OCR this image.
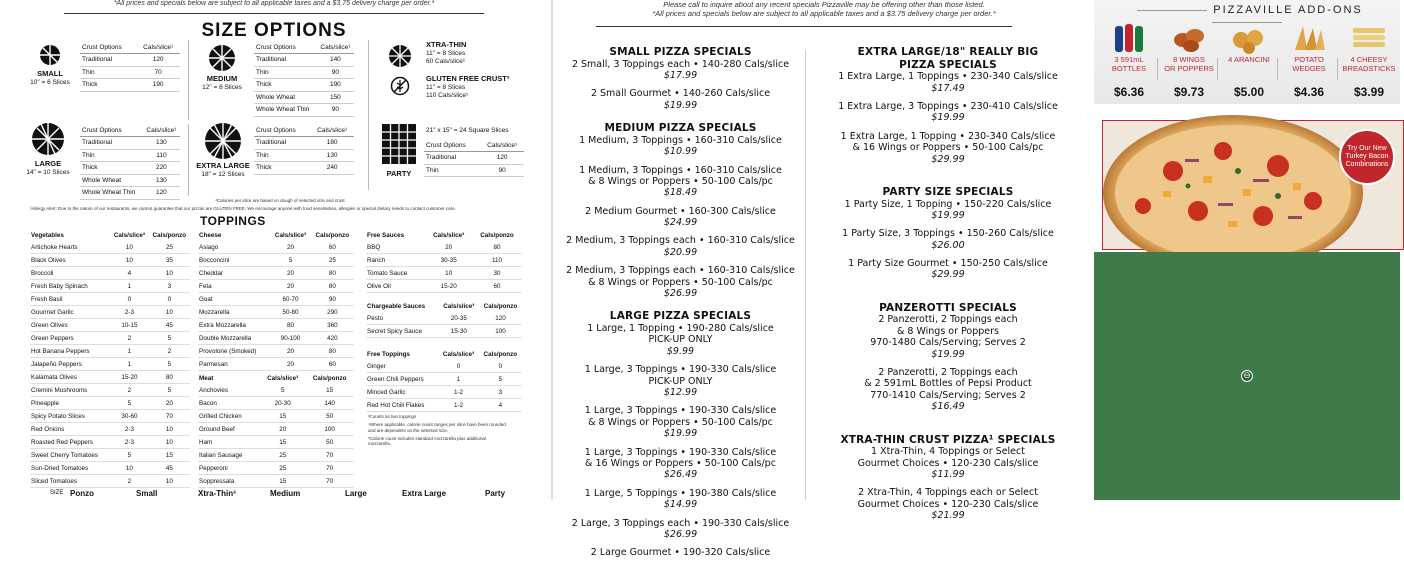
*All prices and specials below are subject to all applicable taxes and a $3.75 delivery charge per order.*
SIZE OPTIONS
SMALL
10" = 6 Slices
Crust Options	Cals/slice¹
Traditional	120
Thin	70
Thick	190
MEDIUM
12" = 8 Slices
Crust Options	Cals/slice¹
Traditional	140
Thin	90
Thick	190
Whole Wheat	150
Whole Wheat Thin	90
XTRA-THIN
11" = 8 Slices
60 Cals/slice¹
GLUTEN FREE CRUST²
11" = 8 Slices
110 Cals/slice¹
LARGE
14" = 10 Slices
Crust Options	Cals/slice¹
Traditional	130
Thin	110
Thick	220
Whole Wheat	130
Whole Wheat Thin	120
EXTRA LARGE
18" = 12 Slices
Crust Options	Cals/slice¹
Traditional	180
Thin	130
Thick	240
PARTY
21" x 15" = 24 Square Slices
Crust Options	Cals/slice¹
Traditional	120
Thin	90
¹Calories per slice are based on dough of selected size and crust
²Allergy Alert: Due to the nature of our restaurants, we cannot guarantee that our pizzas are GLUTEN FREE. We encourage anyone with food sensitivities, allergies or special dietary needs to contact customer care.
TOPPINGS
Vegetables	Cals/slice³	Cals/ponzo
Artichoke Hearts	10	25
Black Olives	10	35
Broccoli	4	10
Fresh Baby Spinach	1	3
Fresh Basil	0	0
Gourmet Garlic	2-3	10
Green Olives	10-15	45
Green Peppers	2	5
Hot Banana Peppers	1	2
Jalapeño Peppers	1	5
Kalamata Olives	15-20	80
Cremini Mushrooms	2	5
Pineapple	5	20
Spicy Potato Slices	30-60	70
Red Onions	2-3	10
Roasted Red Peppers	2-3	10
Sweet Cherry Tomatoes	5	15
Sun-Dried Tomatoes	10	45
Sliced Tomatoes	2	10
Cheese	Cals/slice³	Cals/ponzo
Asiago	20	60
Bocconcini	5	25
Cheddar	20	80
Feta	20	80
Goat	60-70	90
Mozzarella	50-80	290
Extra Mozzarella	80	360
Double Mozzarella	90-100	420
Provolone (Smoked)	20	80
Parmesan	20	60
Meat	Cals/slice³	Cals/ponzo
Anchovies	5	15
Bacon	20-30	140
Grilled Chicken	15	50
Ground Beef	20	100
Ham	15	50
Italian Sausage	25	70
Pepperoni	25	70
Soppressata	15	70
Free Sauces	Cals/slice³	Cals/ponzo
BBQ	20	80
Ranch	30-35	110
Tomato Sauce	10	30
Olive Oil	15-20	60
Chargeable Sauces	Cals/slice³	Cals/ponzo
Pesto	20-35	120
Secret Spicy Sauce	15-30	100
Free Toppings	Cals/slice³	Cals/ponzo
Ginger	0	0
Green Chili Peppers	1	5
Minced Garlic	1-2	3
Red Hot Chili Flakes	1-2	4
³Counts as two toppings
⁴Where applicable, calorie count ranges per slice have been rounded and are dependent on the selected size.
⁵Calorie count includes standard mozzarella plus additional mozzarella.
SIZE Ponzo	Small	Xtra-Thin³	Medium	Large	Extra Large	Party
Please call to inquire about any recent specials Pizzaville may be offering other than those listed.
*All prices and specials below are subject to all applicable taxes and a $3.75 delivery charge per order.*
SMALL PIZZA SPECIALS
2 Small, 3 Toppings each • 140-280 Cals/slice
$17.99
2 Small Gourmet • 140-260 Cals/slice
$19.99
MEDIUM PIZZA SPECIALS
1 Medium, 3 Toppings • 160-310 Cals/slice
$10.99
1 Medium, 3 Toppings • 160-310 Cals/slice
& 8 Wings or Poppers • 50-100 Cals/pc
$18.49
2 Medium Gourmet • 160-300 Cals/slice
$24.99
2 Medium, 3 Toppings each • 160-310 Cals/slice
$20.99
2 Medium, 3 Toppings each • 160-310 Cals/slice
& 8 Wings or Poppers • 50-100 Cals/pc
$26.99
LARGE PIZZA SPECIALS
1 Large, 1 Topping • 190-280 Cals/slice
PICK-UP ONLY
$9.99
1 Large, 3 Toppings • 190-330 Cals/slice
PICK-UP ONLY
$12.99
1 Large, 3 Toppings • 190-330 Cals/slice
& 8 Wings or Poppers • 50-100 Cals/pc
$19.99
1 Large, 3 Toppings • 190-330 Cals/slice
& 16 Wings or Poppers • 50-100 Cals/pc
$26.49
1 Large, 5 Toppings • 190-380 Cals/slice
$14.99
2 Large, 3 Toppings each • 190-330 Cals/slice
$26.99
2 Large Gourmet • 190-320 Cals/slice
EXTRA LARGE/18" REALLY BIG
PIZZA SPECIALS
1 Extra Large, 1 Toppings • 230-340 Cals/slice
$17.49
1 Extra Large, 3 Toppings • 230-410 Cals/slice
$19.99
1 Extra Large, 1 Topping • 230-340 Cals/slice
& 16 Wings or Poppers • 50-100 Cals/pc
$29.99
PARTY SIZE SPECIALS
1 Party Size, 1 Topping • 150-220 Cals/slice
$19.99
1 Party Size, 3 Toppings • 150-260 Cals/slice
$26.00
1 Party Size Gourmet • 150-250 Cals/slice
$29.99
PANZEROTTI SPECIALS
2 Panzerotti, 2 Toppings each
& 8 Wings or Poppers
970-1480 Cals/Serving; Serves 2
$19.99
2 Panzerotti, 2 Toppings each
& 2 591mL Bottles of Pepsi Product
770-1410 Cals/Serving; Serves 2
$16.49
XTRA-THIN CRUST PIZZA¹ SPECIALS
1 Xtra-Thin, 4 Toppings or Select
Gourmet Choices • 120-230 Cals/slice
$11.99
2 Xtra-Thin, 4 Toppings each or Select
Gourmet Choices • 120-230 Cals/slice
$21.99
PIZZAVILLE ADD-ONS
3 591mL
BOTTLES
$6.36
8 WINGS
OR POPPERS
$9.73
4 ARANCINI
$5.00
POTATO
WEDGES
$4.36
4 CHEESY
BREADSTICKS
$3.99
Try Our New Turkey Bacon Combinations
⊖
